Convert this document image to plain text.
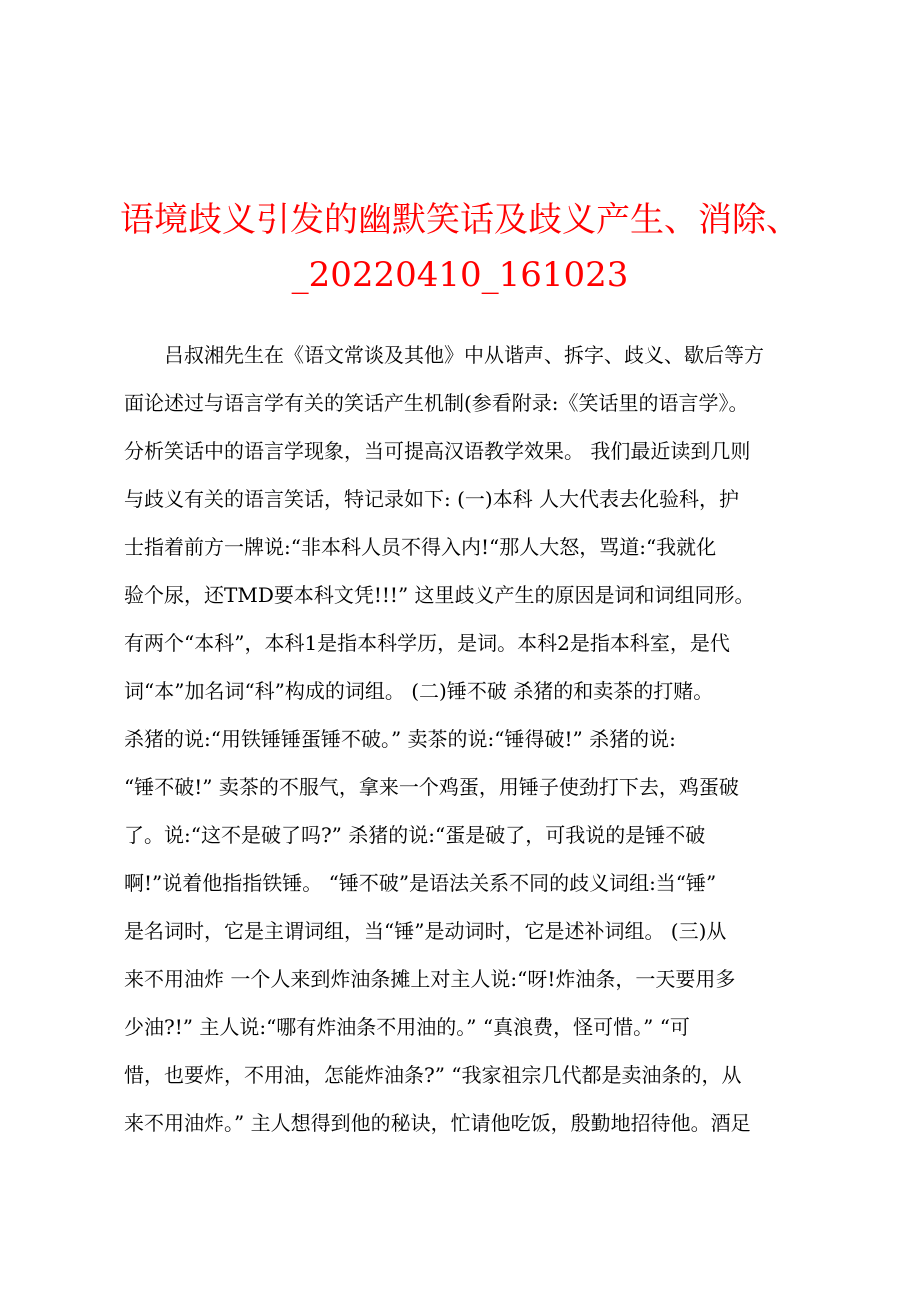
语境歧义引发的幽默笑话及歧义产生、消除、
_20220410_161023

　　吕叔湘先生在《语文常谈及其他》中从谐声、拆字、歧义、歇后等方

面论述过与语言学有关的笑话产生机制(参看附录:《笑话里的语言学》。

分析笑话中的语言学现象，当可提高汉语教学效果。 我们最近读到几则

与歧义有关的语言笑话，特记录如下: (一)本科 人大代表去化验科，护

士指着前方一牌说:“非本科人员不得入内!“那人大怒，骂道:“我就化

验个尿，还TMD要本科文凭!!!” 这里歧义产生的原因是词和词组同形。

有两个“本科”，本科1是指本科学历，是词。本科2是指本科室，是代

词“本”加名词“科”构成的词组。 (二)锤不破 杀猪的和卖茶的打赌。

杀猪的说:“用铁锤锤蛋锤不破。” 卖茶的说:“锤得破!” 杀猪的说:

“锤不破!” 卖茶的不服气，拿来一个鸡蛋，用锤子使劲打下去，鸡蛋破

了。说:“这不是破了吗?” 杀猪的说:“蛋是破了，可我说的是锤不破

啊!”说着他指指铁锤。 “锤不破”是语法关系不同的歧义词组:当“锤”

是名词时，它是主谓词组，当“锤”是动词时，它是述补词组。 (三)从

来不用油炸 一个人来到炸油条摊上对主人说:“呀!炸油条，一天要用多

少油?!” 主人说:“哪有炸油条不用油的。” “真浪费，怪可惜。” “可

惜，也要炸，不用油，怎能炸油条?” “我家祖宗几代都是卖油条的，从

来不用油炸。” 主人想得到他的秘诀，忙请他吃饭，殷勤地招待他。酒足
